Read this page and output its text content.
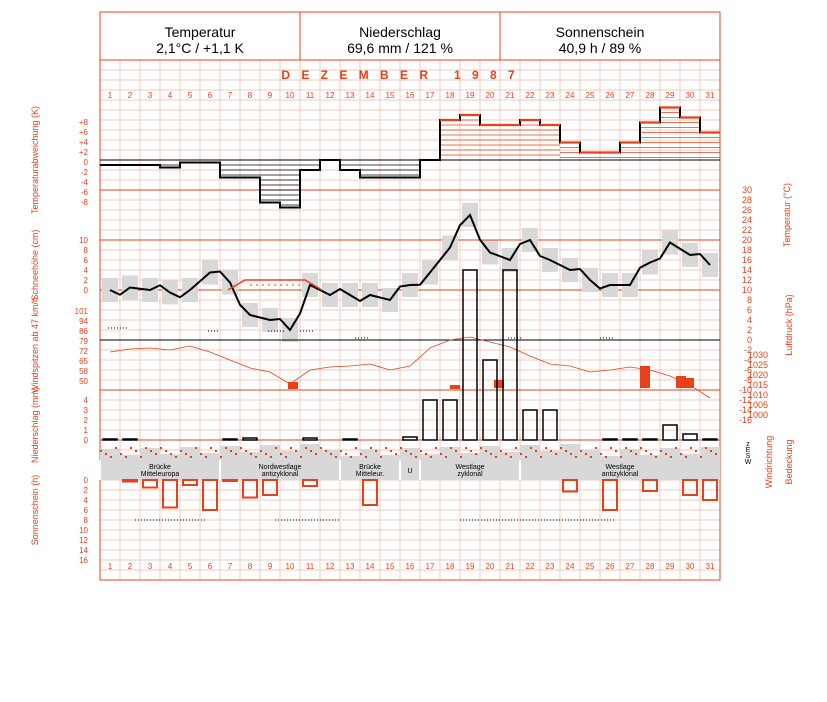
Temperatur
2,1°C / +1,1 K
Niederschlag
69,6 mm / 121 %
Sonnenschein
40,9 h / 89 %
D E Z E M B E R   1 9 8 7
1
1
2
2
3
3
4
4
5
5
6
6
7
7
8
8
9
9
10
10
11
11
12
12
13
13
14
14
15
15
16
16
17
17
18
18
19
19
20
20
21
21
22
22
23
23
24
24
25
25
26
26
27
27
28
28
29
29
30
30
31
31
+8
+6
+4
+2
0
-2
-4
-6
-8
Temperaturabweichung (K)	30
28
26
24
22
20
18
16
14
12
10
8
6
4
2
0
-2
-4
-6
-8
-10
-12
-14
-16
Temperatur (°C)
10
8
6
4
2
0
Schneehöhe (cm)
101
94
86
79
72
65
58
50
Windspitzen ab 47 km/h	1030
1025
1020
1015
1010
1005
1000
Luftdruck (hPa)
4
3
2
1
0
Niederschlag (mm)	z
E
S
W Windrichtung Bedeckung
Brücke
Mitteleuropa
Nordwestlage
antizyklonal
Brücke
Mitteleur.	U
Westlage
zyklonal
Westlage
antizyklonal
0
2
4
6
8
10
12
14
16
Sonnenschein (h)
